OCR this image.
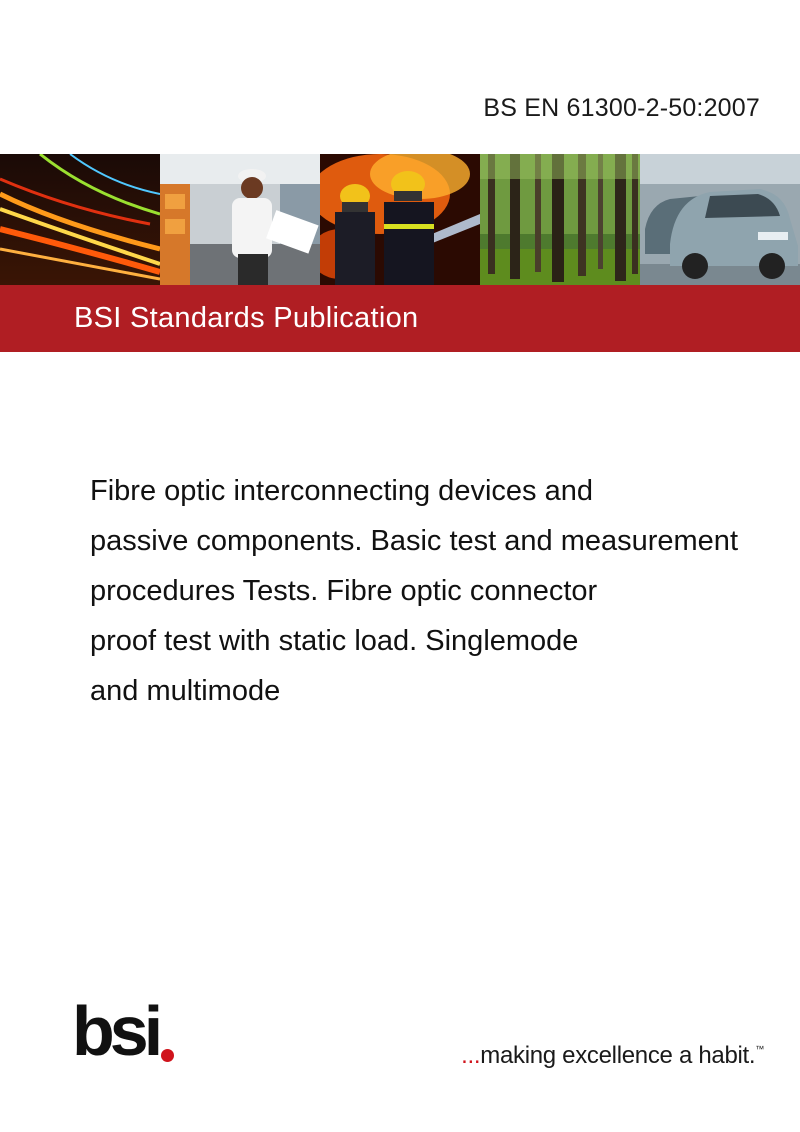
BS EN 61300-2-50:2007
BSI Standards Publication
Fibre optic interconnecting devices and
passive components. Basic test and measurement
procedures Tests. Fibre optic connector
proof test with static load. Singlemode
and multimode
bsi	...making excellence a habit.™
